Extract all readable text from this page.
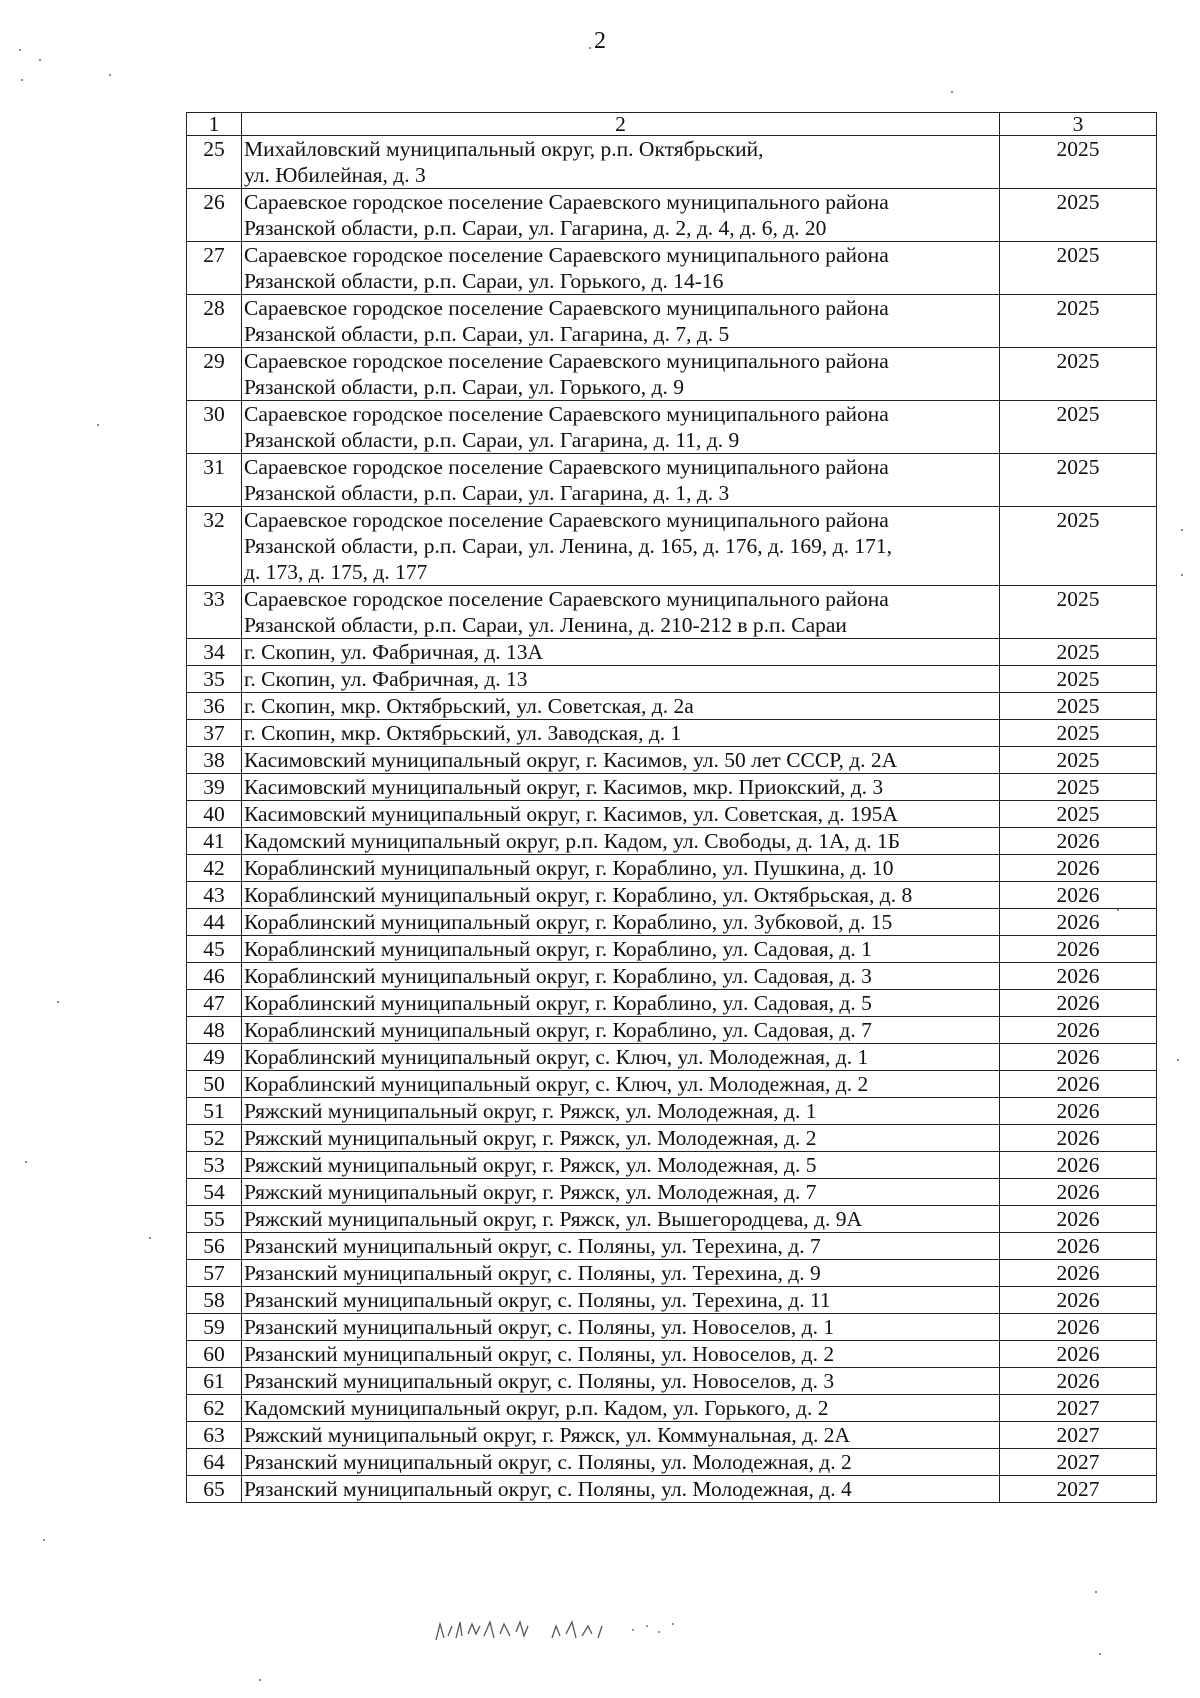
2
1	2	3
25	Михайловский муниципальный округ, р.п. Октябрьский,
ул. Юбилейная, д. 3	2025
26	Сараевское городское поселение Сараевского муниципального района
Рязанской области, р.п. Сараи, ул. Гагарина, д. 2, д. 4, д. 6, д. 20	2025
27	Сараевское городское поселение Сараевского муниципального района
Рязанской области, р.п. Сараи, ул. Горького, д. 14-16	2025
28	Сараевское городское поселение Сараевского муниципального района
Рязанской области, р.п. Сараи, ул. Гагарина, д. 7, д. 5	2025
29	Сараевское городское поселение Сараевского муниципального района
Рязанской области, р.п. Сараи, ул. Горького, д. 9	2025
30	Сараевское городское поселение Сараевского муниципального района
Рязанской области, р.п. Сараи, ул. Гагарина, д. 11, д. 9	2025
31	Сараевское городское поселение Сараевского муниципального района
Рязанской области, р.п. Сараи, ул. Гагарина, д. 1, д. 3	2025
32	Сараевское городское поселение Сараевского муниципального района
Рязанской области, р.п. Сараи, ул. Ленина, д. 165, д. 176, д. 169, д. 171,
д. 173, д. 175, д. 177	2025
33	Сараевское городское поселение Сараевского муниципального района
Рязанской области, р.п. Сараи, ул. Ленина, д. 210-212 в р.п. Сараи	2025
34	г. Скопин, ул. Фабричная, д. 13А	2025
35	г. Скопин, ул. Фабричная, д. 13	2025
36	г. Скопин, мкр. Октябрьский, ул. Советская, д. 2а	2025
37	г. Скопин, мкр. Октябрьский, ул. Заводская, д. 1	2025
38	Касимовский муниципальный округ, г. Касимов, ул. 50 лет СССР, д. 2А	2025
39	Касимовский муниципальный округ, г. Касимов, мкр. Приокский, д. 3	2025
40	Касимовский муниципальный округ, г. Касимов, ул. Советская, д. 195А	2025
41	Кадомский муниципальный округ, р.п. Кадом, ул. Свободы, д. 1А, д. 1Б	2026
42	Кораблинский муниципальный округ, г. Кораблино, ул. Пушкина, д. 10	2026
43	Кораблинский муниципальный округ, г. Кораблино, ул. Октябрьская, д. 8	2026
44	Кораблинский муниципальный округ, г. Кораблино, ул. Зубковой, д. 15	2026
45	Кораблинский муниципальный округ, г. Кораблино, ул. Садовая, д. 1	2026
46	Кораблинский муниципальный округ, г. Кораблино, ул. Садовая, д. 3	2026
47	Кораблинский муниципальный округ, г. Кораблино, ул. Садовая, д. 5	2026
48	Кораблинский муниципальный округ, г. Кораблино, ул. Садовая, д. 7	2026
49	Кораблинский муниципальный округ, с. Ключ, ул. Молодежная, д. 1	2026
50	Кораблинский муниципальный округ, с. Ключ, ул. Молодежная, д. 2	2026
51	Ряжский муниципальный округ, г. Ряжск, ул. Молодежная, д. 1	2026
52	Ряжский муниципальный округ, г. Ряжск, ул. Молодежная, д. 2	2026
53	Ряжский муниципальный округ, г. Ряжск, ул. Молодежная, д. 5	2026
54	Ряжский муниципальный округ, г. Ряжск, ул. Молодежная, д. 7	2026
55	Ряжский муниципальный округ, г. Ряжск, ул. Вышегородцева, д. 9А	2026
56	Рязанский муниципальный округ, с. Поляны, ул. Терехина, д. 7	2026
57	Рязанский муниципальный округ, с. Поляны, ул. Терехина, д. 9	2026
58	Рязанский муниципальный округ, с. Поляны, ул. Терехина, д. 11	2026
59	Рязанский муниципальный округ, с. Поляны, ул. Новоселов, д. 1	2026
60	Рязанский муниципальный округ, с. Поляны, ул. Новоселов, д. 2	2026
61	Рязанский муниципальный округ, с. Поляны, ул. Новоселов, д. 3	2026
62	Кадомский муниципальный округ, р.п. Кадом, ул. Горького, д. 2	2027
63	Ряжский муниципальный округ, г. Ряжск, ул. Коммунальная, д. 2А	2027
64	Рязанский муниципальный округ, с. Поляны, ул. Молодежная, д. 2	2027
65	Рязанский муниципальный округ, с. Поляны, ул. Молодежная, д. 4	2027
